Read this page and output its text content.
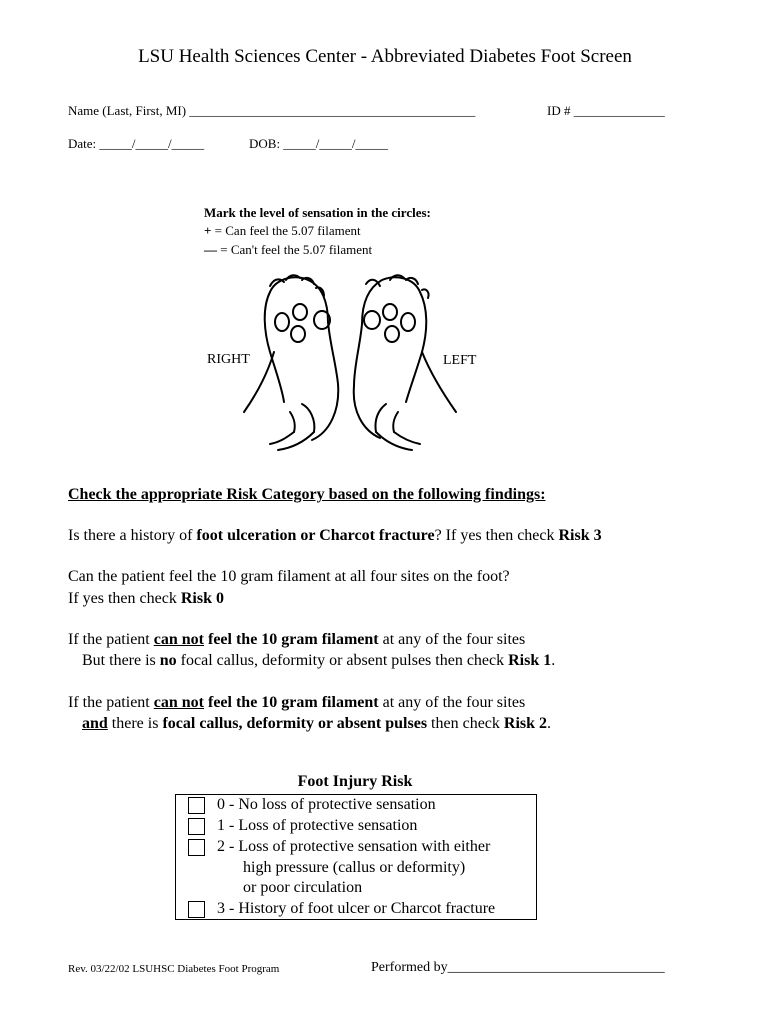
LSU Health Sciences Center - Abbreviated Diabetes Foot Screen
Name (Last, First, MI) ____________________________________________	ID # ______________
Date: _____/_____/_____	DOB: _____/_____/_____
Mark the level of sensation in the circles:
+ = Can feel the 5.07 filament
— = Can't feel the 5.07 filament
RIGHT	LEFT
Check the appropriate Risk Category based on the following findings:
Is there a history of foot ulceration or Charcot fracture? If yes then check Risk 3
Can the patient feel the 10 gram filament at all four sites on the foot?
If yes then check Risk 0
If the patient can not feel the 10 gram filament at any of the four sites
But there is no focal callus, deformity or absent pulses then check Risk 1.
If the patient can not feel the 10 gram filament at any of the four sites
and there is focal callus, deformity or absent pulses then check Risk 2.
Foot Injury Risk
0 - No loss of protective sensation
1 - Loss of protective sensation
2 - Loss of protective sensation with either
high pressure (callus or deformity)
or poor circulation
3 - History of foot ulcer or Charcot fracture
Rev. 03/22/02 LSUHSC Diabetes Foot Program	Performed by_______________________________
